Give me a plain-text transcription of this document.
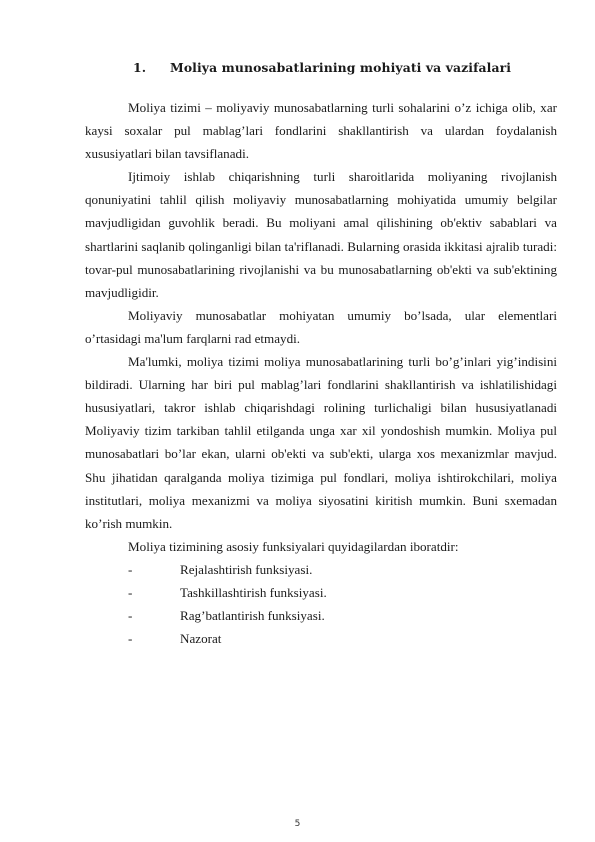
1. Moliya munosabatlarining mohiyati va vazifalari

Moliya tizimi – moliyaviy munosabatlarning turli sohalarini o’z ichiga olib, xar kaysi soxalar pul mablag’lari fondlarini shakllantirish va ulardan foydalanish xususiyatlari bilan tavsiflanadi.

Ijtimoiy ishlab chiqarishning turli sharoitlarida moliyaning rivojlanish qonuniyatini tahlil qilish moliyaviy munosabatlarning mohiyatida umumiy belgilar mavjudligidan guvohlik beradi. Bu moliyani amal qilishining ob'ektiv sabablari va shartlarini saqlanib qolinganligi bilan ta'riflanadi. Bularning orasida ikkitasi ajralib turadi: tovar-pul munosabatlarining rivojlanishi va bu munosabatlarning ob'ekti va sub'ektining mavjudligidir.

Moliyaviy munosabatlar mohiyatan umumiy bo’lsada, ular elementlari o’rtasidagi ma'lum farqlarni rad etmaydi.

Ma'lumki, moliya tizimi moliya munosabatlarining turli bo’g’inlari yig’indisini bildiradi. Ularning har biri pul mablag’lari fondlarini shakllantirish va ishlatilishidagi hususiyatlari, takror ishlab chiqarishdagi rolining turlichaligi bilan hususiyatlanadi Moliyaviy tizim tarkiban tahlil etilganda unga xar xil yondoshish mumkin. Moliya pul munosabatlari bo’lar ekan, ularni ob'ekti va sub'ekti, ularga xos mexanizmlar mavjud. Shu jihatidan qaralganda moliya tizimiga pul fondlari, moliya ishtirokchilari, moliya institutlari, moliya mexanizmi va moliya siyosatini kiritish mumkin. Buni sxemadan ko’rish mumkin.

Moliya tizimining asosiy funksiyalari quyidagilardan iboratdir:

-	Rejalashtirish funksiyasi.
-	Tashkillashtirish funksiyasi.
-	Rag’batlantirish funksiyasi.
-	Nazorat
5
